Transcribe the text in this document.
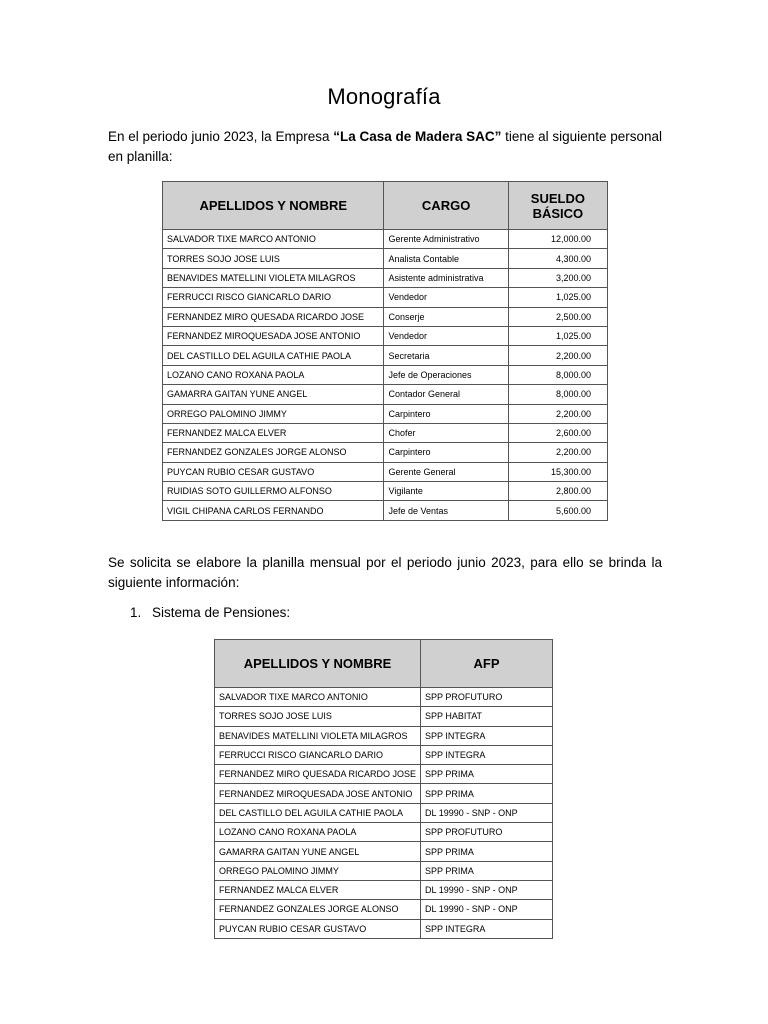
Monografía
En el periodo junio 2023, la Empresa “La Casa de Madera SAC” tiene al siguiente personal en planilla:
APELLIDOS Y NOMBRE	CARGO	SUELDO BÁSICO
SALVADOR TIXE MARCO ANTONIO	Gerente Administrativo	12,000.00
TORRES SOJO JOSE LUIS	Analista Contable	4,300.00
BENAVIDES MATELLINI VIOLETA MILAGROS	Asistente administrativa	3,200.00
FERRUCCI RISCO GIANCARLO DARIO	Vendedor	1,025.00
FERNANDEZ MIRO QUESADA RICARDO JOSE	Conserje	2,500.00
FERNANDEZ MIROQUESADA JOSE ANTONIO	Vendedor	1,025.00
DEL CASTILLO DEL AGUILA CATHIE PAOLA	Secretaria	2,200.00
LOZANO CANO ROXANA PAOLA	Jefe de Operaciones	8,000.00
GAMARRA GAITAN YUNE ANGEL	Contador General	8,000.00
ORREGO PALOMINO JIMMY	Carpintero	2,200.00
FERNANDEZ MALCA ELVER	Chofer	2,600.00
FERNANDEZ GONZALES JORGE ALONSO	Carpintero	2,200.00
PUYCAN RUBIO CESAR GUSTAVO	Gerente General	15,300.00
RUIDIAS SOTO GUILLERMO ALFONSO	Vigilante	2,800.00
VIGIL CHIPANA CARLOS FERNANDO	Jefe de Ventas	5,600.00
Se solicita se elabore la planilla mensual por el periodo junio 2023, para ello se brinda la siguiente información:
1. Sistema de Pensiones:
APELLIDOS Y NOMBRE	AFP
SALVADOR TIXE MARCO ANTONIO	SPP PROFUTURO
TORRES SOJO JOSE LUIS	SPP HABITAT
BENAVIDES MATELLINI VIOLETA MILAGROS	SPP INTEGRA
FERRUCCI RISCO GIANCARLO DARIO	SPP INTEGRA
FERNANDEZ MIRO QUESADA RICARDO JOSE	SPP PRIMA
FERNANDEZ MIROQUESADA JOSE ANTONIO	SPP PRIMA
DEL CASTILLO DEL AGUILA CATHIE PAOLA	DL 19990 - SNP - ONP
LOZANO CANO ROXANA PAOLA	SPP PROFUTURO
GAMARRA GAITAN YUNE ANGEL	SPP PRIMA
ORREGO PALOMINO JIMMY	SPP PRIMA
FERNANDEZ MALCA ELVER	DL 19990 - SNP - ONP
FERNANDEZ GONZALES JORGE ALONSO	DL 19990 - SNP - ONP
PUYCAN RUBIO CESAR GUSTAVO	SPP INTEGRA
